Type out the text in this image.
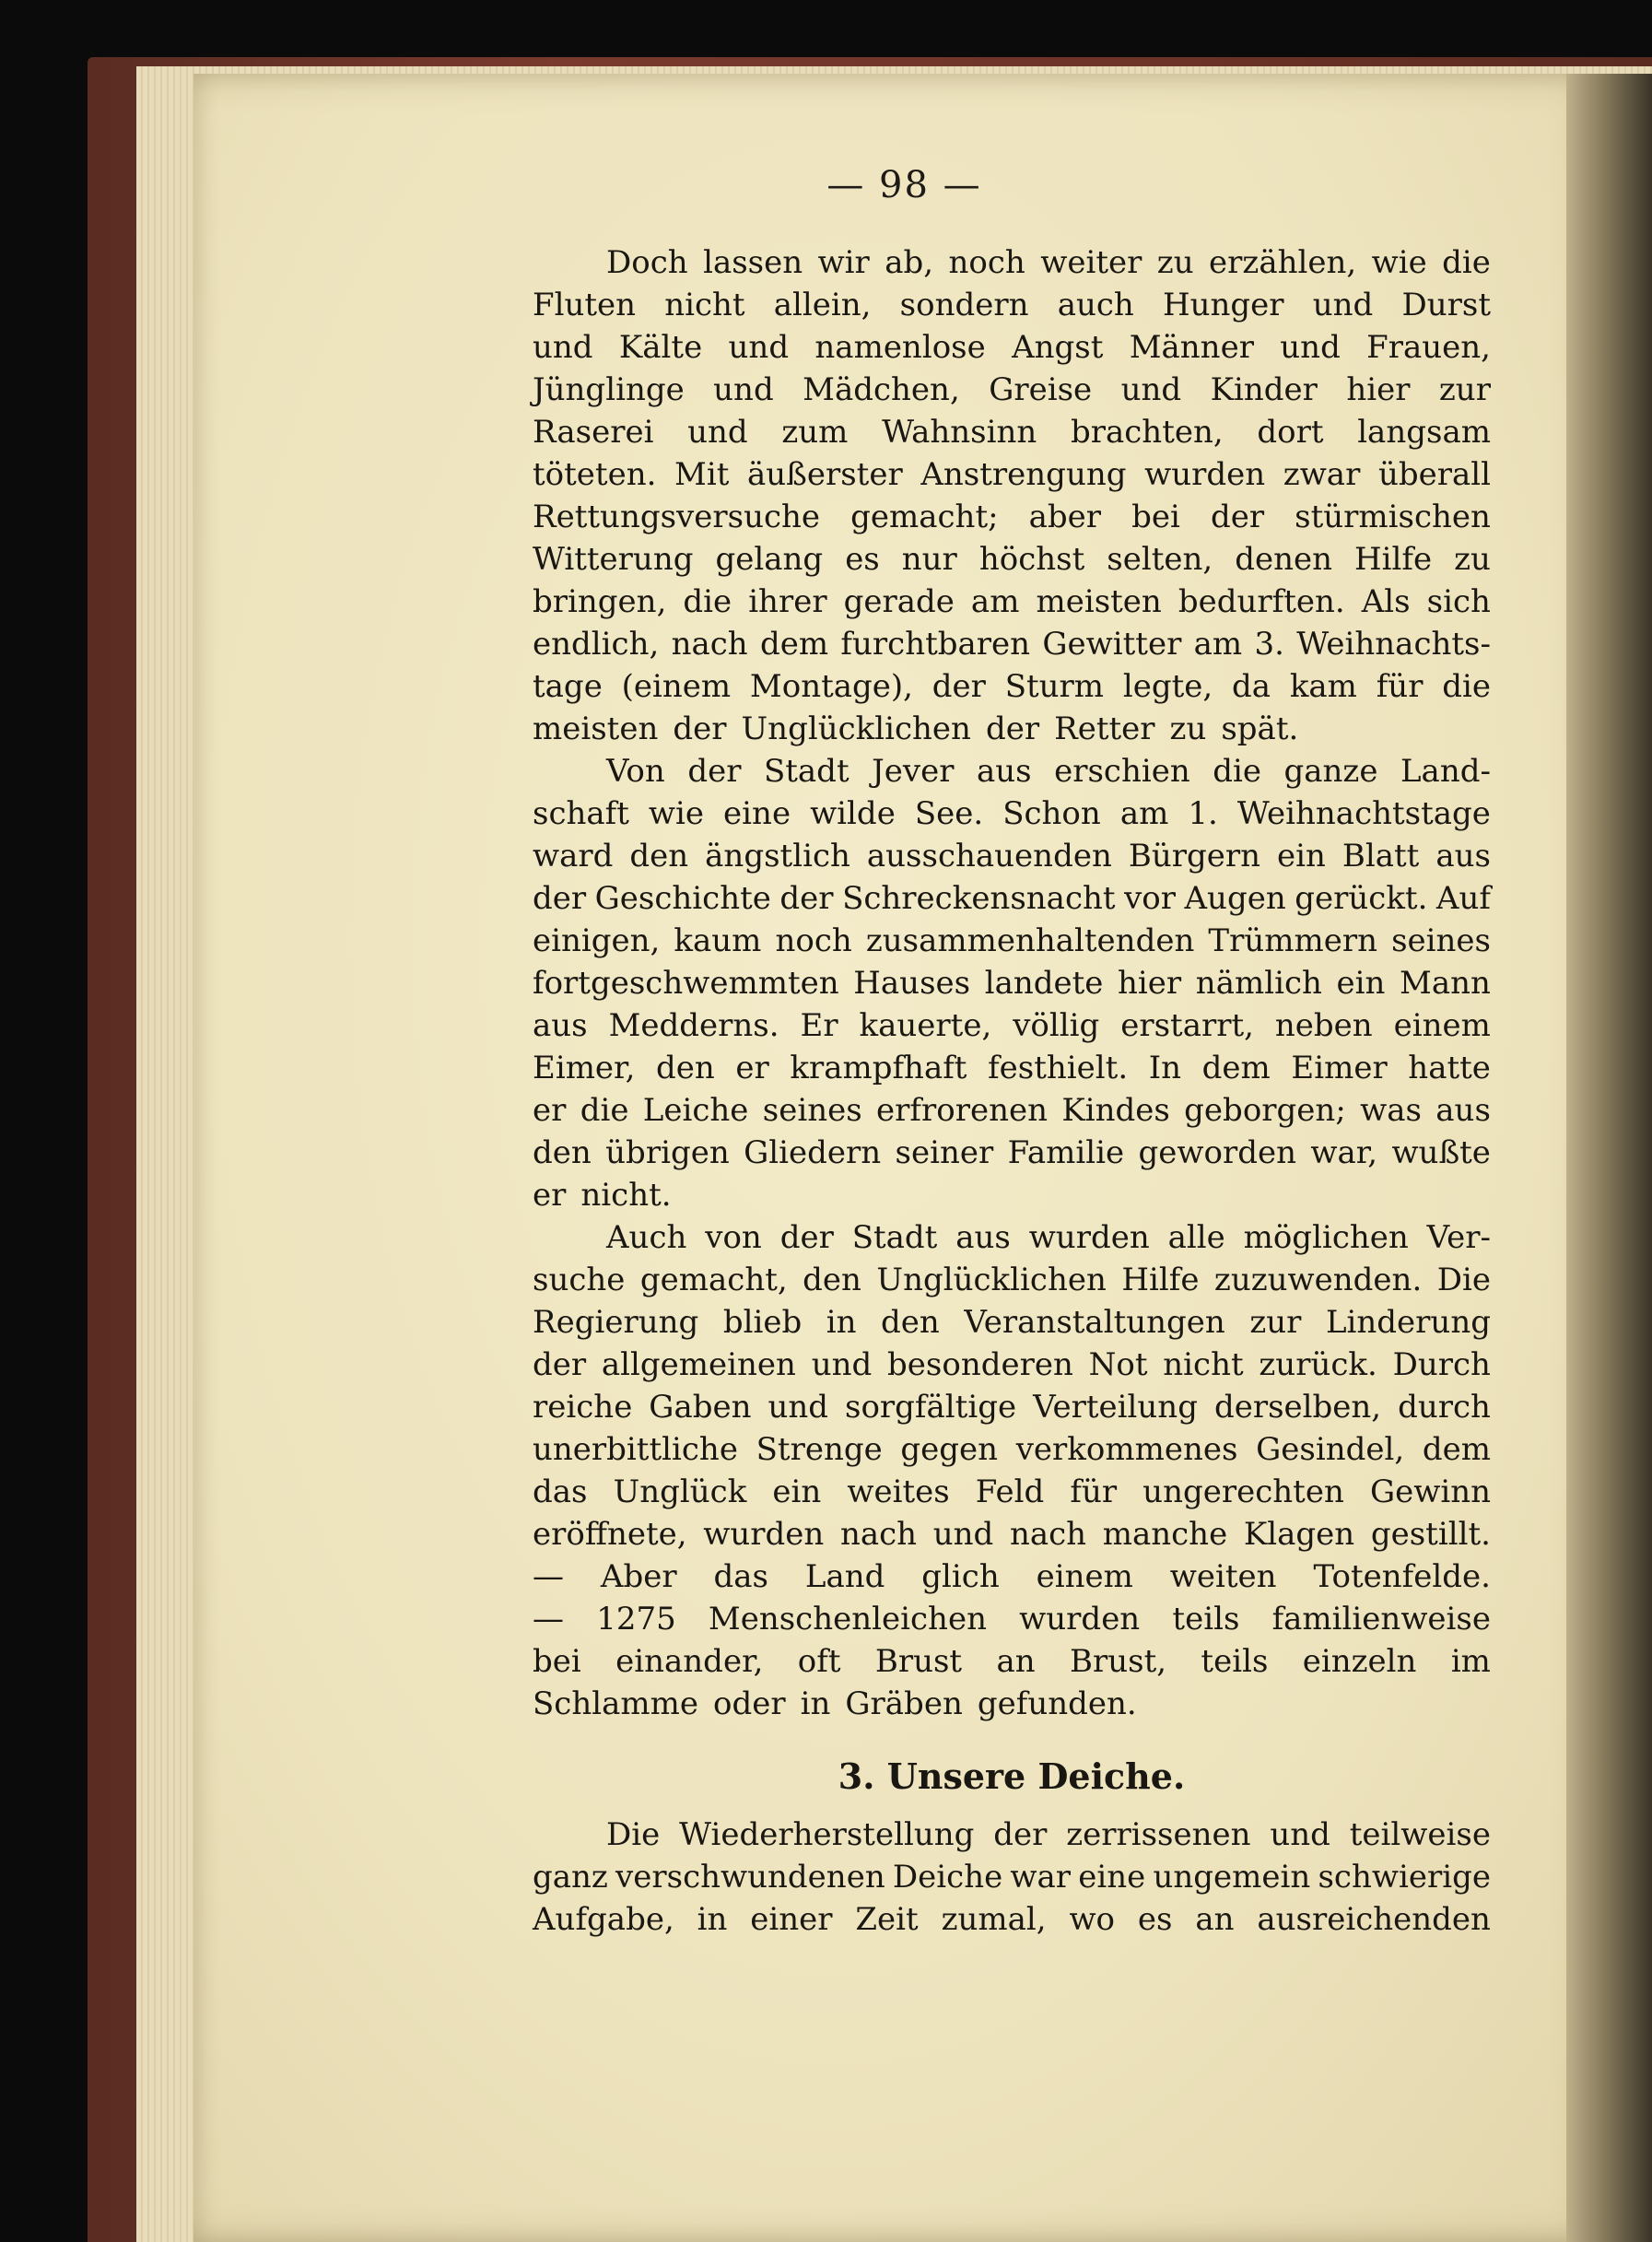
— 98 —
Doch lassen wir ab, noch weiter zu erzählen, wie die
Fluten nicht allein, sondern auch Hunger und Durst
und Kälte und namenlose Angst Männer und Frauen,
Jünglinge und Mädchen, Greise und Kinder hier zur
Raserei und zum Wahnsinn brachten, dort langsam
töteten. Mit äußerster Anstrengung wurden zwar überall
Rettungsversuche gemacht; aber bei der stürmischen
Witterung gelang es nur höchst selten, denen Hilfe zu
bringen, die ihrer gerade am meisten bedurften. Als sich
endlich, nach dem furchtbaren Gewitter am 3. Weihnachts-
tage (einem Montage), der Sturm legte, da kam für die
meisten der Unglücklichen der Retter zu spät.
Von der Stadt Jever aus erschien die ganze Land-
schaft wie eine wilde See. Schon am 1. Weihnachtstage
ward den ängstlich ausschauenden Bürgern ein Blatt aus
der Geschichte der Schreckensnacht vor Augen gerückt. Auf
einigen, kaum noch zusammenhaltenden Trümmern seines
fortgeschwemmten Hauses landete hier nämlich ein Mann
aus Medderns. Er kauerte, völlig erstarrt, neben einem
Eimer, den er krampfhaft festhielt. In dem Eimer hatte
er die Leiche seines erfrorenen Kindes geborgen; was aus
den übrigen Gliedern seiner Familie geworden war, wußte
er nicht.
Auch von der Stadt aus wurden alle möglichen Ver-
suche gemacht, den Unglücklichen Hilfe zuzuwenden. Die
Regierung blieb in den Veranstaltungen zur Linderung
der allgemeinen und besonderen Not nicht zurück. Durch
reiche Gaben und sorgfältige Verteilung derselben, durch
unerbittliche Strenge gegen verkommenes Gesindel, dem
das Unglück ein weites Feld für ungerechten Gewinn
eröffnete, wurden nach und nach manche Klagen gestillt.
— Aber das Land glich einem weiten Totenfelde.
— 1275 Menschenleichen wurden teils familienweise
bei einander, oft Brust an Brust, teils einzeln im
Schlamme oder in Gräben gefunden.
3. Unsere Deiche.
Die Wiederherstellung der zerrissenen und teilweise
ganz verschwundenen Deiche war eine ungemein schwierige
Aufgabe, in einer Zeit zumal, wo es an ausreichenden
